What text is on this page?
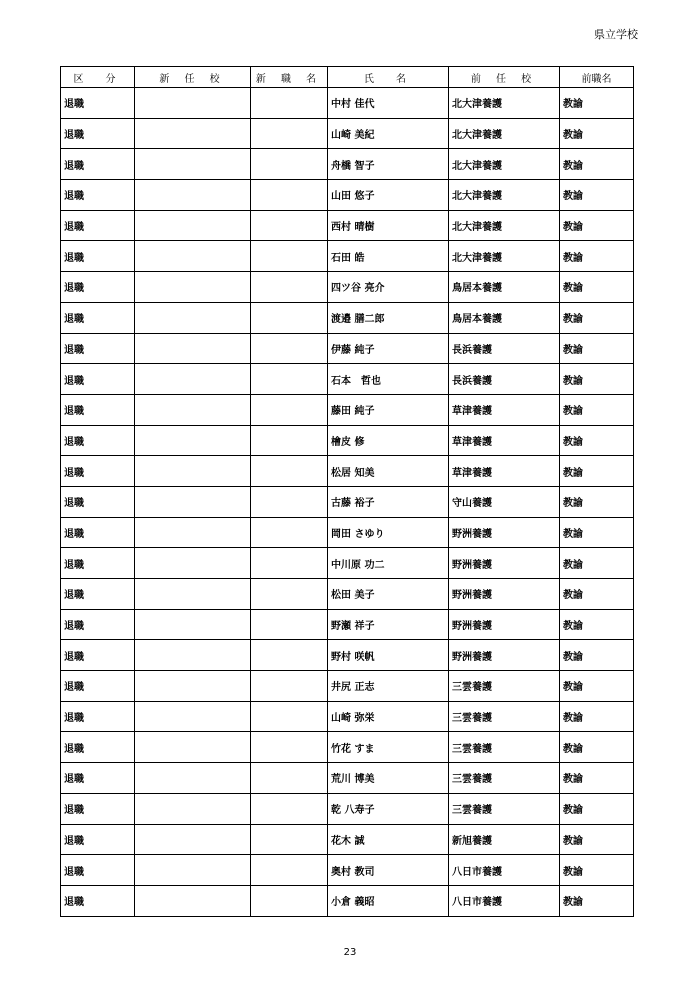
県立学校
区　分	新 任 校	新 職 名	氏　名	前 任 校	前職名
退職			中村 佳代	北大津養護	教諭
退職			山崎 美紀	北大津養護	教諭
退職			舟橋 智子	北大津養護	教諭
退職			山田 悠子	北大津養護	教諭
退職			西村 晴樹	北大津養護	教諭
退職			石田 皓	北大津養護	教諭
退職			四ツ谷 亮介	鳥居本養護	教諭
退職			渡邉 膳二郎	鳥居本養護	教諭
退職			伊藤 純子	長浜養護	教諭
退職			石本　哲也	長浜養護	教諭
退職			藤田 純子	草津養護	教諭
退職			檜皮 修	草津養護	教諭
退職			松居 知美	草津養護	教諭
退職			古藤 裕子	守山養護	教諭
退職			岡田 さゆり	野洲養護	教諭
退職			中川原 功二	野洲養護	教諭
退職			松田 美子	野洲養護	教諭
退職			野瀬 祥子	野洲養護	教諭
退職			野村 咲帆	野洲養護	教諭
退職			井尻 正志	三雲養護	教諭
退職			山崎 弥栄	三雲養護	教諭
退職			竹花 すま	三雲養護	教諭
退職			荒川 博美	三雲養護	教諭
退職			乾 八寿子	三雲養護	教諭
退職			花木 誠	新旭養護	教諭
退職			奥村 教司	八日市養護	教諭
退職			小倉 義昭	八日市養護	教諭
23
